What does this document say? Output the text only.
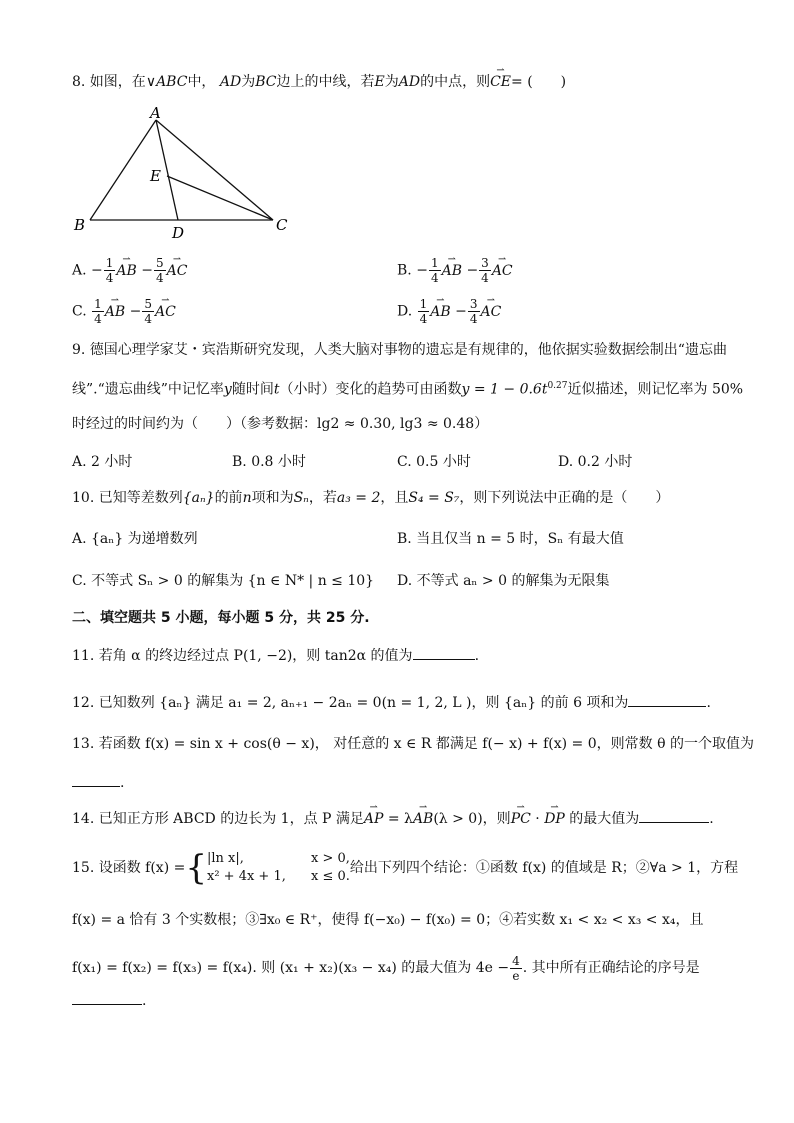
8. 如图，在∨ABC中， AD为BC边上的中线，若E为AD的中点，则⇀ CE= (　　)
A
B	C
D
E
A. − $\frac{1}{4}$ ⇀ AB − $\frac{5}{4}$ ⇀ AC	B. − $\frac{1}{4}$ ⇀ AB − $\frac{3}{4}$ ⇀ AC
C. $\frac{1}{4}$ ⇀ AB − $\frac{5}{4}$ ⇀ AC	D. $\frac{1}{4}$ ⇀ AB − $\frac{3}{4}$ ⇀ AC
9. 德国心理学家艾・宾浩斯研究发现，人类大脑对事物的遗忘是有规律的，他依据实验数据绘制出“遗忘曲
线”.“遗忘曲线”中记忆率y随时间t（小时）变化的趋势可由函数$y = 1 - 0.6t^{0.27}$近似描述，则记忆率为 50%
时经过的时间约为（　　）（参考数据：lg2 ≈ 0.30, lg3 ≈ 0.48）
A. 2 小时	B. 0.8 小时	C. 0.5 小时	D. 0.2 小时
10. 已知等差数列{aₙ}的前n项和为Sₙ，若a₃ = 2，且S₄ = S₇，则下列说法中正确的是（　　）
A. {aₙ} 为递增数列	B. 当且仅当 n = 5 时，Sₙ 有最大值
C. 不等式 Sₙ > 0 的解集为 {n ∈ N* | n ≤ 10} D. 不等式 aₙ > 0 的解集为无限集
二、填空题共 5 小题，每小题 5 分，共 25 分.
11. 若角 α 的终边经过点 P(1, −2)，则 tan2α 的值为	.
12. 已知数列 {aₙ} 满足 a₁ = 2, aₙ₊₁ − 2aₙ = 0(n = 1, 2, L )，则 {aₙ} 的前 6 项和为	.
13. 若函数 f(x) = sin x + cos(θ − x)， 对任意的 x ∈ R 都满足 f(− x) + f(x) = 0，则常数 θ 的一个取值为
.
14. 已知正方形 ABCD 的边长为 1，点 P 满足⇀ AP = λ⇀ AB(λ > 0)，则⇀ PC · ⇀ DP 的最大值为	.
15. 设函数 f(x) ={ |ln x|,	x > 0,
x² + 4x + 1, x ≤ 0.
给出下列四个结论：①函数 f(x) 的值域是 R；②∀a > 1，方程
f(x) = a 恰有 3 个实数根；③∃x₀ ∈ R⁺，使得 f(−x₀) − f(x₀) = 0；④若实数 x₁ < x₂ < x₃ < x₄，且
f(x₁) = f(x₂) = f(x₃) = f(x₄). 则 (x₁ + x₂)(x₃ − x₄) 的最大值为 $4e - \frac{4}{e}$ . 其中所有正确结论的序号是
.
